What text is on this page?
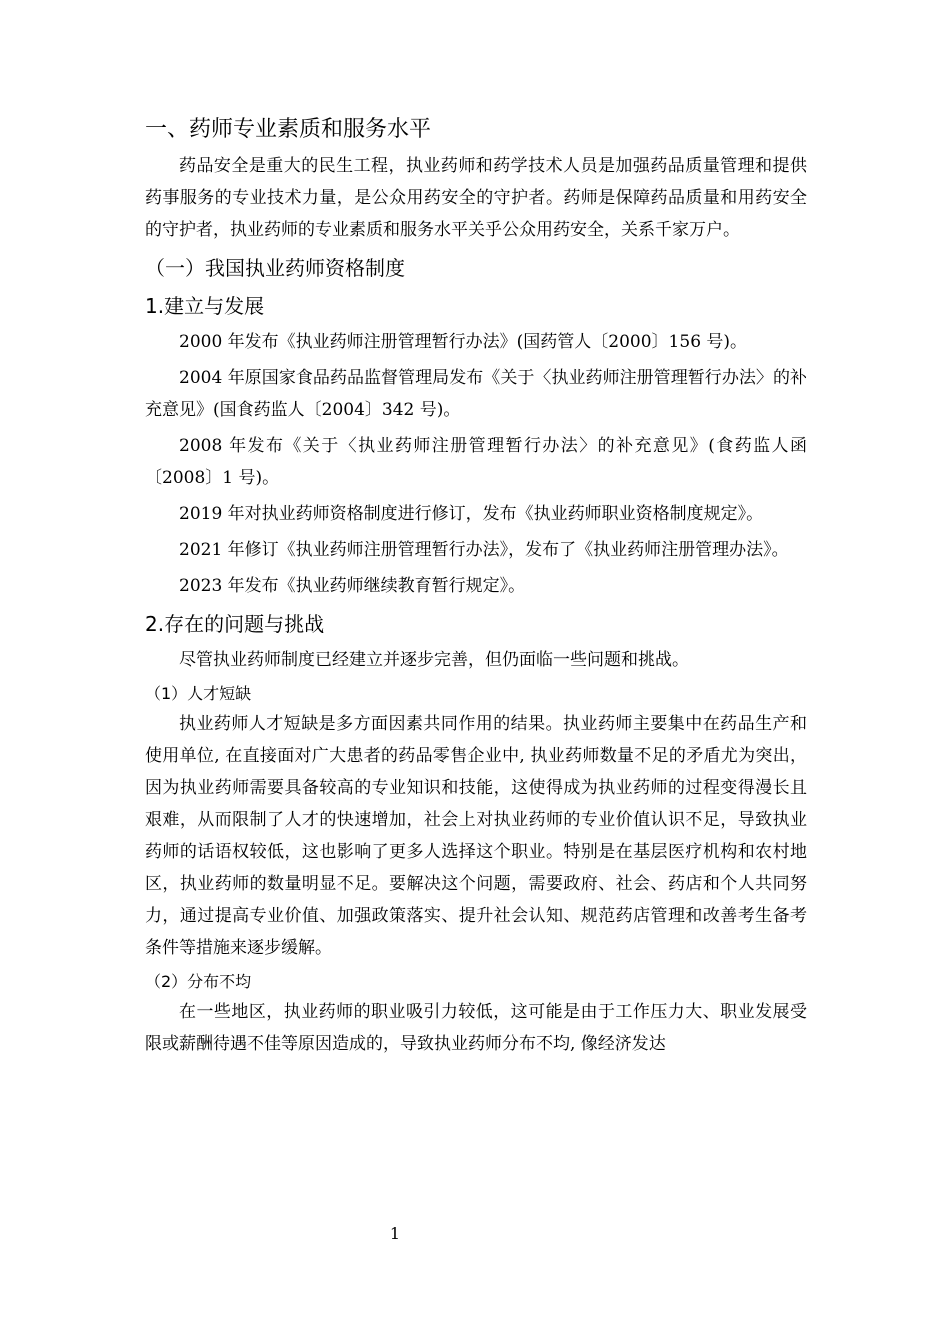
一、药师专业素质和服务水平

药品安全是重大的民生工程，执业药师和药学技术人员是加强药品质量管理和提供药事服务的专业技术力量，是公众用药安全的守护者。药师是保障药品质量和用药安全的守护者，执业药师的专业素质和服务水平关乎公众用药安全，关系千家万户。

（一）我国执业药师资格制度
1.建立与发展

2000 年发布《执业药师注册管理暂行办法》(国药管人〔2000〕156 号)。

2004 年原国家食品药品监督管理局发布《关于〈执业药师注册管理暂行办法〉的补充意见》(国食药监人〔2004〕342 号)。

2008 年发布《关于〈执业药师注册管理暂行办法〉的补充意见》(食药监人函〔2008〕1 号)。

2019 年对执业药师资格制度进行修订，发布《执业药师职业资格制度规定》。

2021 年修订《执业药师注册管理暂行办法》，发布了《执业药师注册管理办法》。

2023 年发布《执业药师继续教育暂行规定》。

2.存在的问题与挑战

尽管执业药师制度已经建立并逐步完善，但仍面临一些问题和挑战。

（1）人才短缺

执业药师人才短缺是多方面因素共同作用的结果。执业药师主要集中在药品生产和使用单位, 在直接面对广大患者的药品零售企业中, 执业药师数量不足的矛盾尤为突出，因为执业药师需要具备较高的专业知识和技能，这使得成为执业药师的过程变得漫长且艰难，从而限制了人才的快速增加，社会上对执业药师的专业价值认识不足，导致执业药师的话语权较低，这也影响了更多人选择这个职业。特别是在基层医疗机构和农村地区，执业药师的数量明显不足。要解决这个问题，需要政府、社会、药店和个人共同努力，通过提高专业价值、加强政策落实、提升社会认知、规范药店管理和改善考生备考条件等措施来逐步缓解。

（2）分布不均

在一些地区，执业药师的职业吸引力较低，这可能是由于工作压力大、职业发展受限或薪酬待遇不佳等原因造成的，导致执业药师分布不均, 像经济发达

1
